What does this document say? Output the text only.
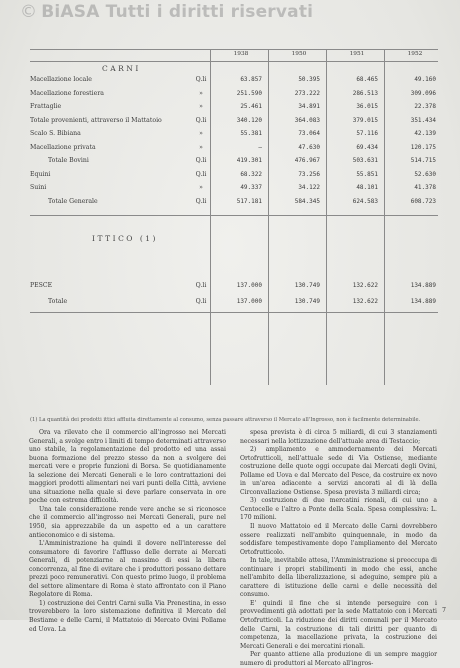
© BiASA Tutti i diritti riservati
1938	1950	1951	1952
CARNI
Macellazione locale	Q.li	63.857	50.395	68.465	49.160
Macellazione forestiera	»	251.590	273.222	286.513	309.096
Frattaglie	»	25.461	34.891	36.015	22.378
Totale provenienti, attraverso il Mattatoio	Q.li	340.120	364.083	379.015	351.434
Scalo S. Bibiana	»	55.381	73.064	57.116	42.139
Macellazione privata	»	—	47.630	69.434	120.175
Totale Bovini	Q.li	419.301	476.967	503.631	514.715
Equini	Q.li	68.322	73.256	55.851	52.630
Suini	»	49.337	34.122	48.101	41.378
Totale Generale	Q.li	517.181	584.345	624.583	608.723
ITTICO (1)
PESCE	Q.li	137.000	130.749	132.622	134.889
Totale	Q.li	137.000	130.749	132.622	134.889
(1) La quantità dei prodotti ittici affluita direttamente al consumo, senza passare attraverso il Mercato all'Ingrosso, non è facilmente determinabile.

Ora va rilevato che il commercio all'ingrosso nei Mercati Generali, a svolge entro i limiti di tempo determinati attraverso uno stabile, la regolamentazione del prodotto ed una assai buona formazione del prezzo stesso da non a svolgere dei mercati vere e proprie funzioni di Borsa. Se quotidianamente la selezione dei Mercati Generali e le loro contrattazioni dei maggiori prodotti alimentari nei vari punti della Città, avviene una situazione nella quale si deve parlare conservata in ore poche con estrema difficoltà.

Una tale considerazione rende vere anche se si riconosce che il commercio all'ingrosso nei Mercati Generali, pure nel 1950, sia apprezzabile da un aspetto ed a un carattere antieconomico e di sistema.

L'Amministrazione ha quindi il dovere nell'interesse del consumatore di favorire l'afflusso delle derrate ai Mercati Generali, di potenziarne al massimo di essi la libera concorrenza, al fine di evitare che i produttori possano dettare prezzi poco remunerativi. Con questo primo luogo, il problema del settore alimentare di Roma è stato affrontato con il Piano Regolatore di Roma.

1) costruzione dei Centri Carni sulla Via Prenestina, in esso troverebbero la loro sistemazione definitiva il Mercato del Bestiame e delle Carni, il Mattatoio di Mercato Ovini Pollame ed Uova. La

spesa prevista è di circa 5 miliardi, di cui 3 stanziamenti necessari nella lottizzazione dell'attuale area di Testaccio;

2) ampliamento e ammodernamento dei Mercati Ortofrutticoli, nell'attuale sede di Via Ostiense, mediante costruzione delle quote oggi occupate dai Mercati degli Ovini, Pollame ed Uova e dal Mercato del Pesce, da costruire ex novo in un'area adiacente a servizi ancorati al di là della Circonvallazione Ostiense. Spesa prevista 3 miliardi circa;

3) costruzione di due mercatini rionali, di cui uno a Centocelle e l'altro a Ponte della Scala. Spesa complessiva: L. 170 milioni.

Il nuovo Mattatoio ed il Mercato delle Carni dovrebbero essere realizzati nell'ambito quinquennale, in modo da soddisfare tempestivamente dopo l'ampliamento del Mercato Ortofrutticolo.

In tale, inevitabile attesa, l'Amministrazione si preoccupa di continuare i propri stabilimenti in modo che essi, anche nell'ambito della liberalizzazione, si adeguino, sempre più a carattere di istituzione delle carni e delle necessità del consumo.

E' quindi il fine che si intende perseguire con i provvedimenti già adottati per la sede Mattatoio con i Mercati Ortofrutticoli. La riduzione dei diritti comunali per il Mercato delle Carni, la costruzione di tali diritti per quanto di competenza, la macellazione privata, la costruzione dei Mercati Generali e dei mercatini rionali.

Per quanto attiene alla produzione di un sempre maggior numero di produttori al Mercato all'ingros-

7
